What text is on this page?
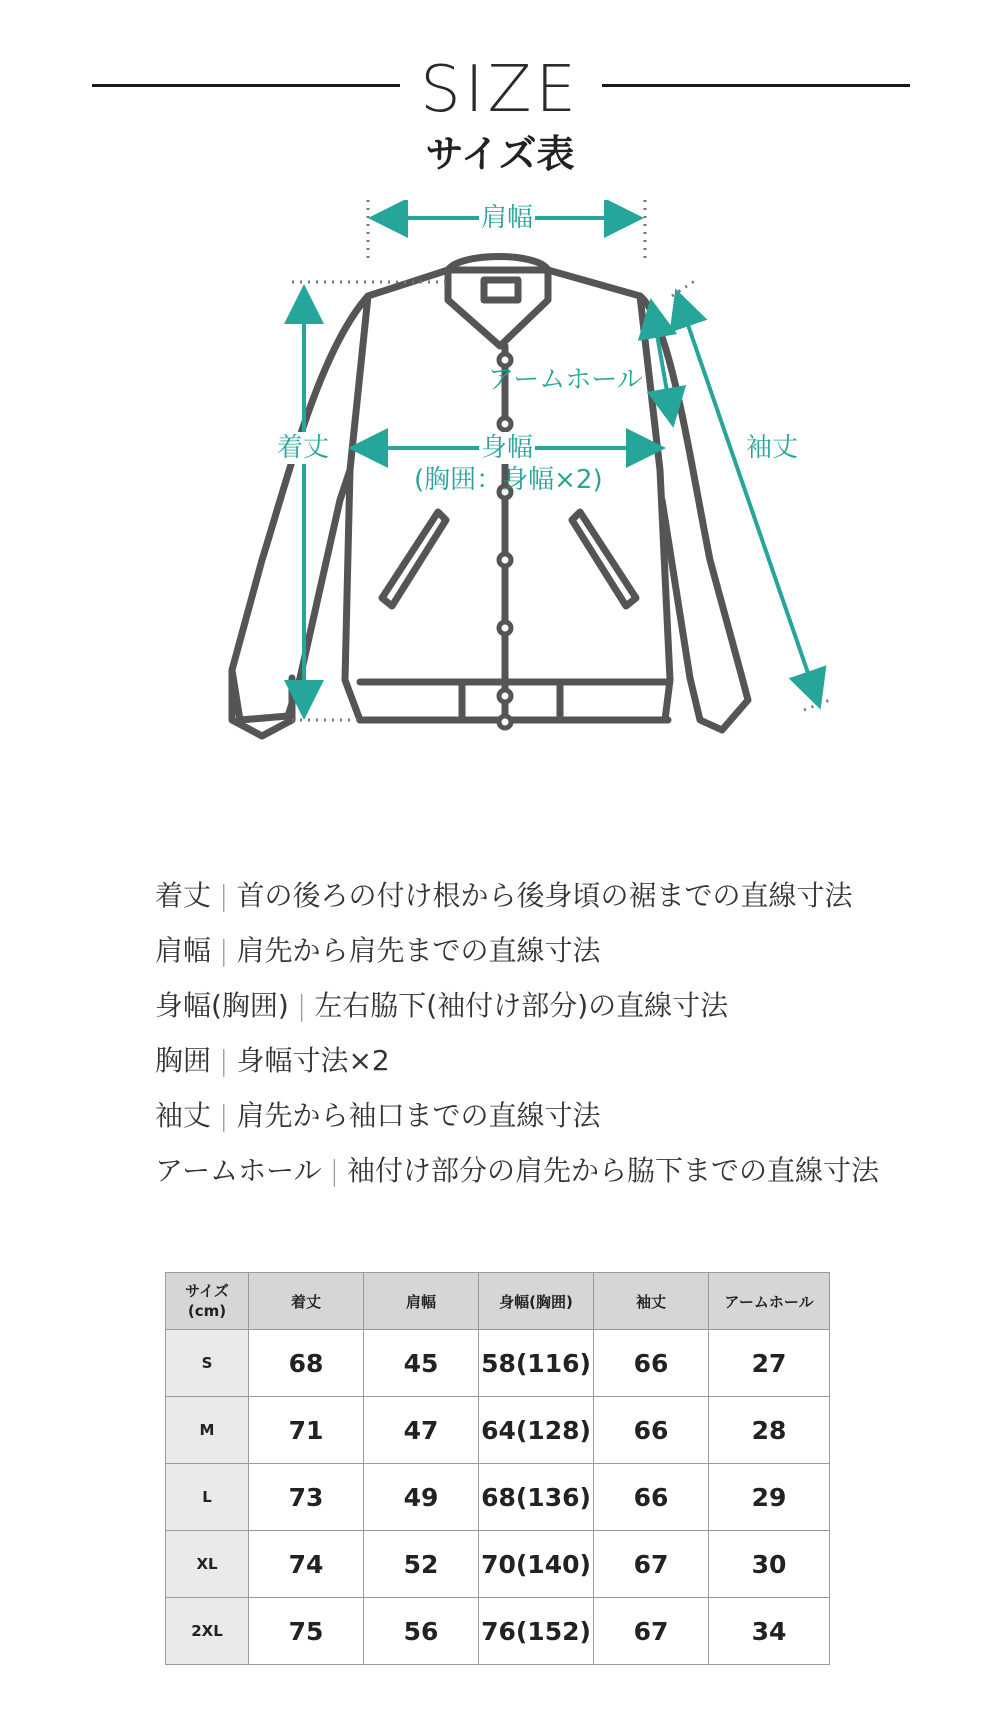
SIZE
サイズ表
肩幅
アームホール
着丈	身幅
(胸囲：身幅×2)
袖丈
着丈 | 首の後ろの付け根から後身頃の裾までの直線寸法
肩幅 | 肩先から肩先までの直線寸法
身幅(胸囲) | 左右脇下(袖付け部分)の直線寸法
胸囲 | 身幅寸法×2
袖丈 | 肩先から袖口までの直線寸法
アームホール | 袖付け部分の肩先から脇下までの直線寸法
サイズ
(cm)	着丈	肩幅	身幅(胸囲)	袖丈	アームホール
S	68	45	58(116)	66	27
M	71	47	64(128)	66	28
L	73	49	68(136)	66	29
XL	74	52	70(140)	67	30
2XL	75	56	76(152)	67	34
